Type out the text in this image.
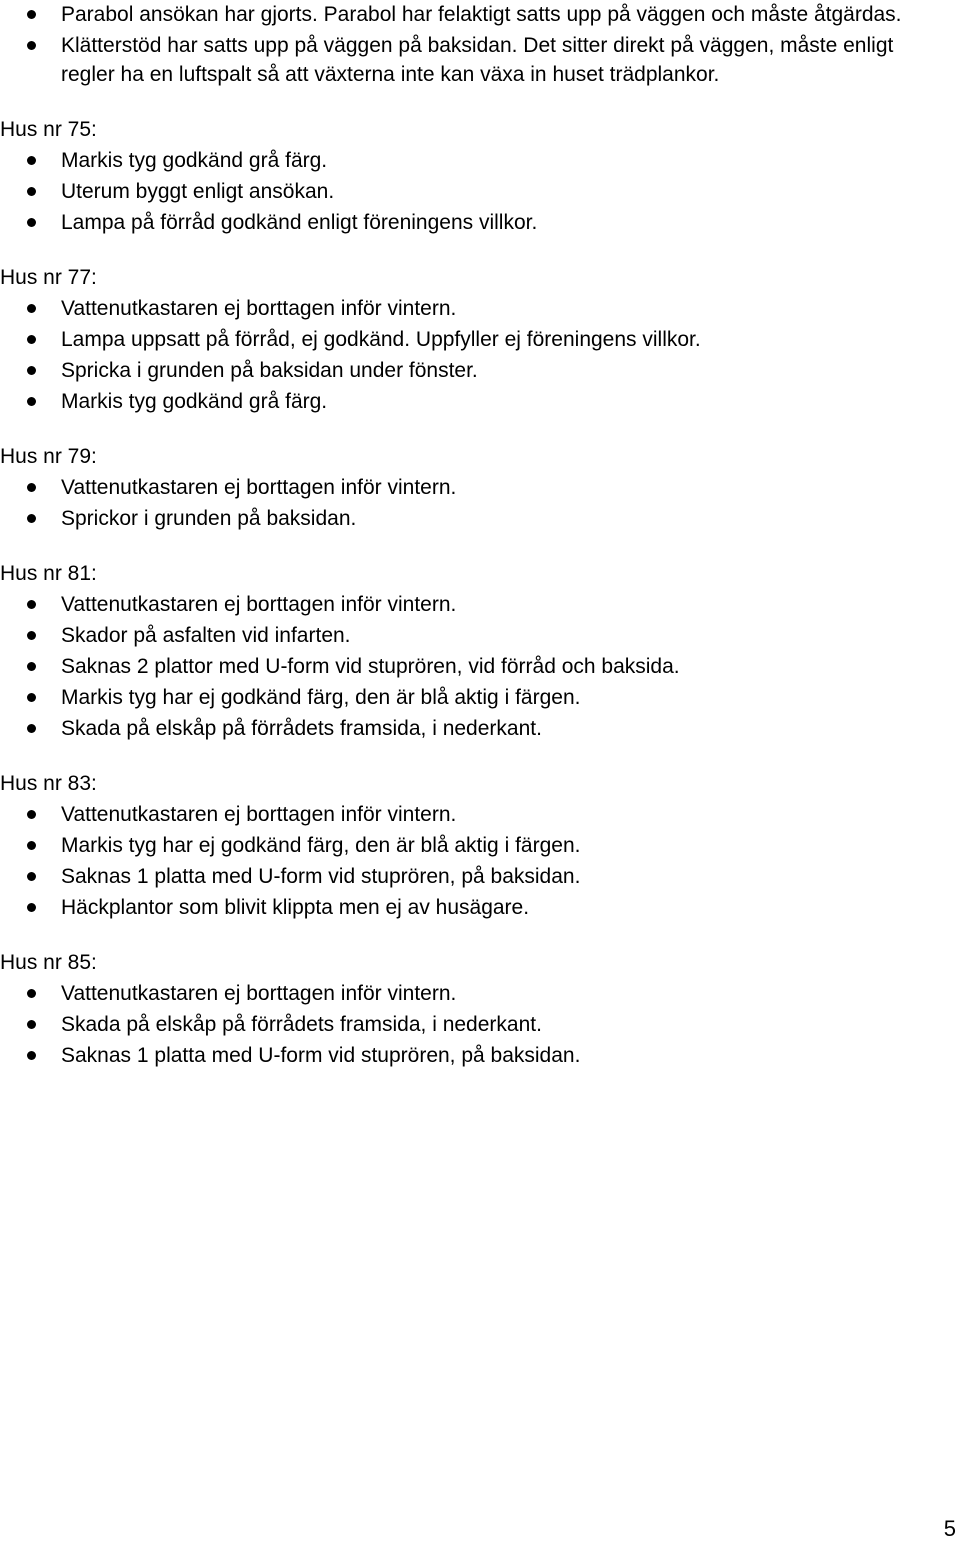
Parabol ansökan har gjorts. Parabol har felaktigt satts upp på väggen och måste åtgärdas.
Klätterstöd har satts upp på väggen på baksidan. Det sitter direkt på väggen, måste enligt regler ha en luftspalt så att växterna inte kan växa in huset trädplankor.
Hus nr 75:
Markis tyg godkänd grå färg.
Uterum byggt enligt ansökan.
Lampa på förråd godkänd enligt föreningens villkor.
Hus nr 77:
Vattenutkastaren ej borttagen inför vintern.
Lampa uppsatt på förråd, ej godkänd. Uppfyller ej föreningens villkor.
Spricka i grunden på baksidan under fönster.
Markis tyg godkänd grå färg.
Hus nr 79:
Vattenutkastaren ej borttagen inför vintern.
Sprickor i grunden på baksidan.
Hus nr 81:
Vattenutkastaren ej borttagen inför vintern.
Skador på asfalten vid infarten.
Saknas 2 plattor med U-form vid stuprören, vid förråd och baksida.
Markis tyg har ej godkänd färg, den är blå aktig i färgen.
Skada på elskåp på förrådets framsida, i nederkant.
Hus nr 83:
Vattenutkastaren ej borttagen inför vintern.
Markis tyg har ej godkänd färg, den är blå aktig i färgen.
Saknas 1 platta med U-form vid stuprören, på baksidan.
Häckplantor som blivit klippta men ej av husägare.
Hus nr 85:
Vattenutkastaren ej borttagen inför vintern.
Skada på elskåp på förrådets framsida, i nederkant.
Saknas 1 platta med U-form vid stuprören, på baksidan.
5
